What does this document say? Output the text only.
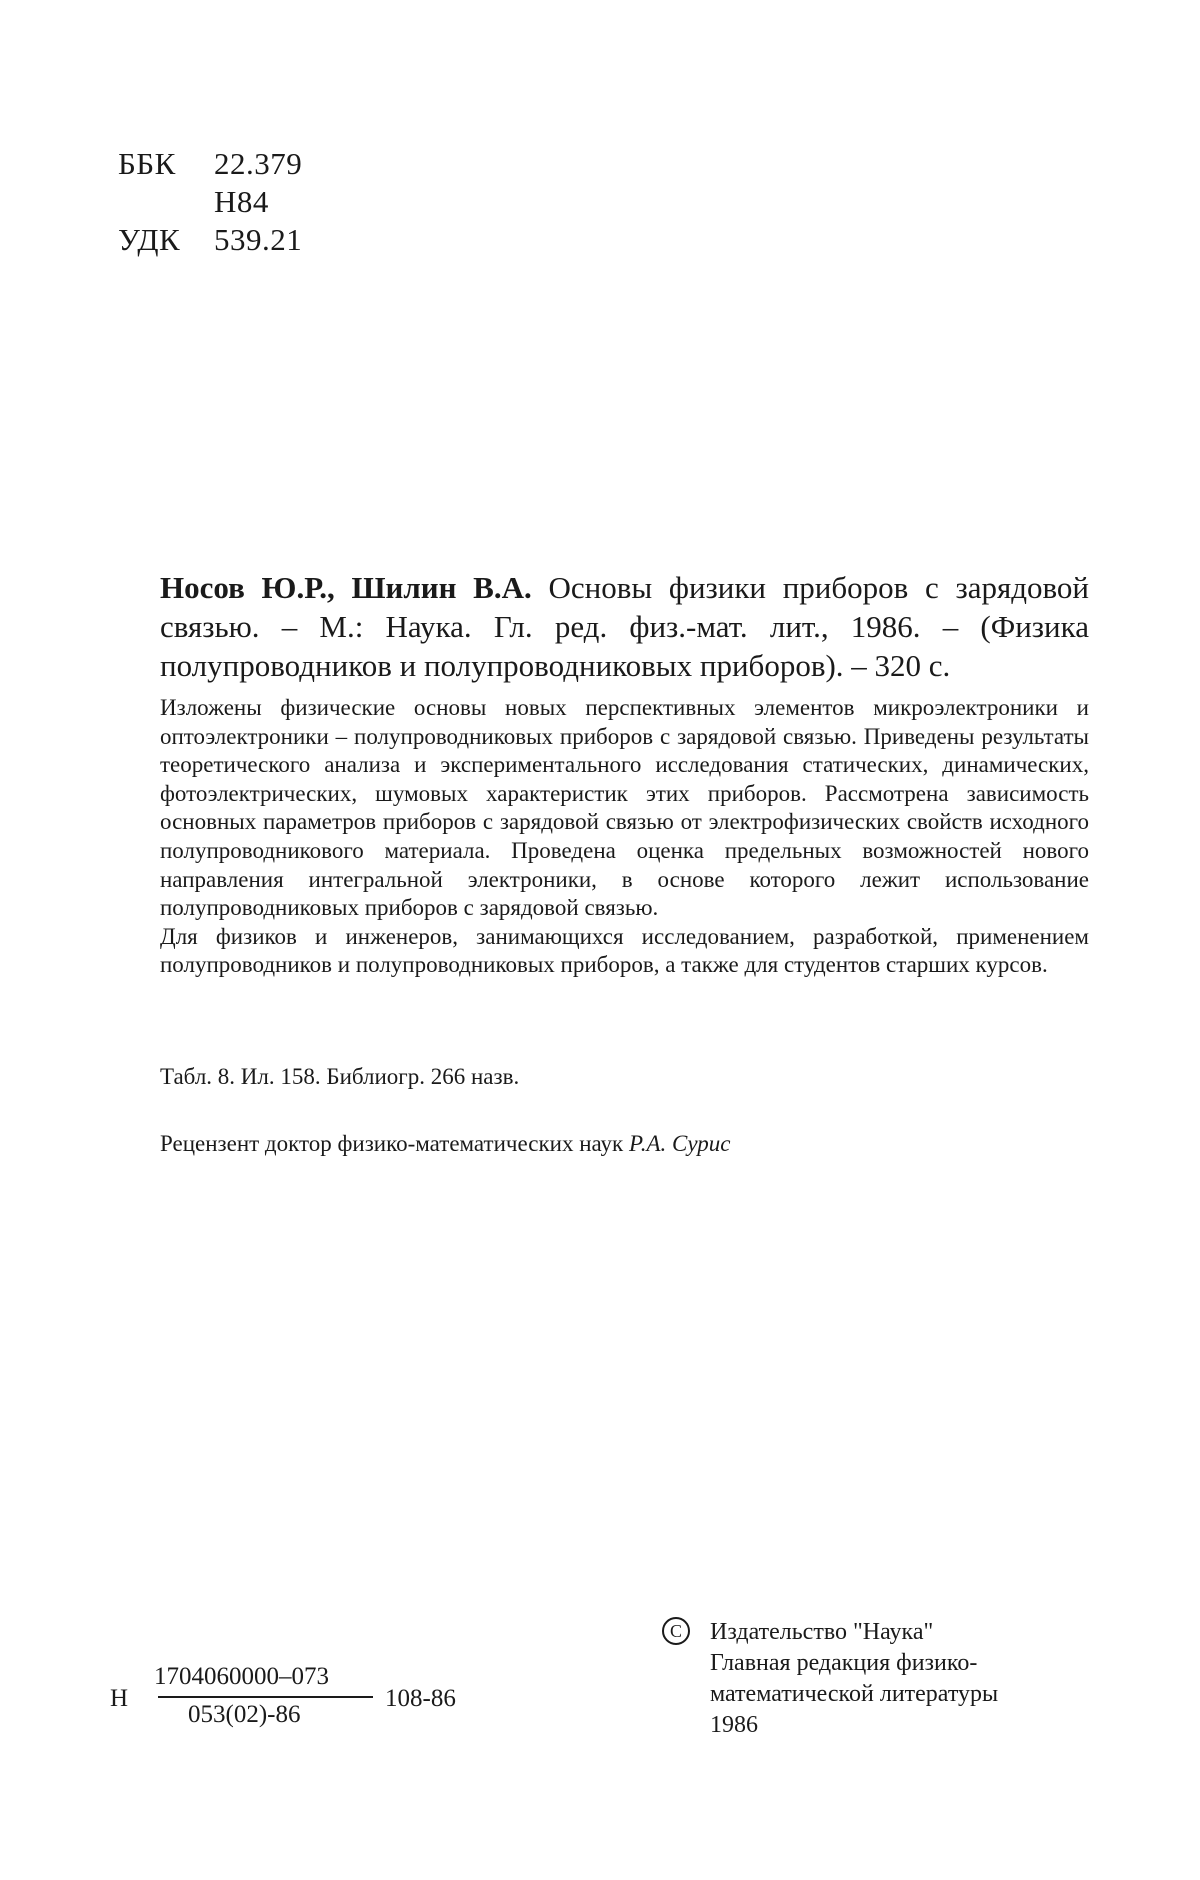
ББК 22.379
Н84
УДК 539.21
Носов Ю.Р., Шилин В.А. Основы физики приборов с зарядовой связью. – М.: Наука. Гл. ред. физ.-мат. лит., 1986. – (Физика полупроводников и полупроводниковых приборов). – 320 с.

Изложены физические основы новых перспективных элементов микроэлектроники и оптоэлектроники – полупроводниковых приборов с зарядовой связью. Приведены результаты теоретического анализа и экспериментального исследования статических, динамических, фотоэлектрических, шумовых характеристик этих приборов. Рассмотрена зависимость основных параметров приборов с зарядовой связью от электрофизических свойств исходного полупроводникового материала. Проведена оценка предельных возможностей нового направления интегральной электроники, в основе которого лежит использование полупроводниковых приборов с зарядовой связью.

Для физиков и инженеров, занимающихся исследованием, разработкой, применением полупроводников и полупроводниковых приборов, а также для студентов старших курсов.

Табл. 8. Ил. 158. Библиогр. 266 назв.
Рецензент доктор физико-математических наук Р.А. Сурис
Н
1704060000–073
053(02)-86
108-86
С	Издательство "Наука"
Главная редакция физико-
математической литературы
1986
